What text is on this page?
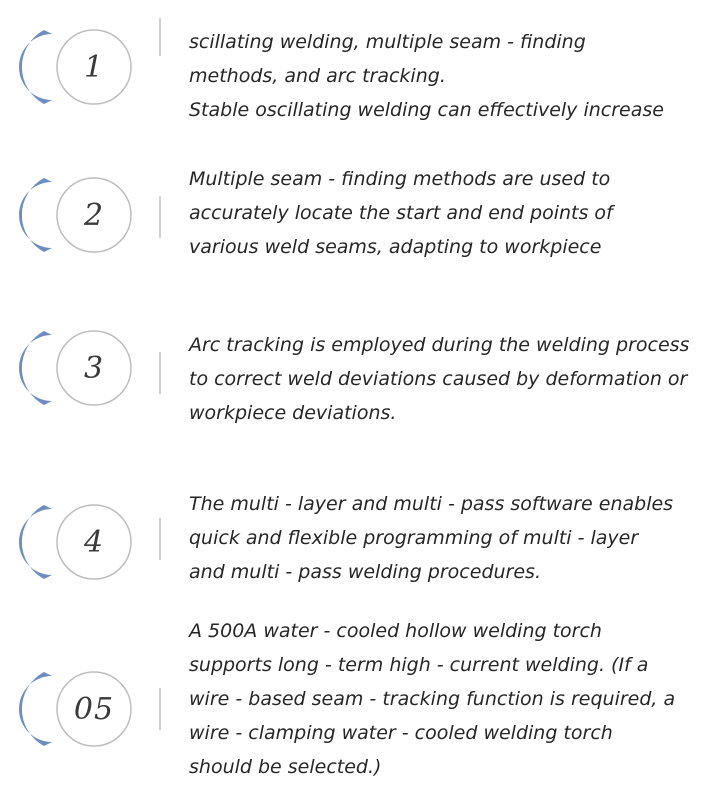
1
scillating welding, multiple seam - finding
methods, and arc tracking.
Stable oscillating welding can effectively increase
2
Multiple seam - finding methods are used to
accurately locate the start and end points of
various weld seams, adapting to workpiece
3
Arc tracking is employed during the welding process
to correct weld deviations caused by deformation or
workpiece deviations.
4
The multi - layer and multi - pass software enables
quick and flexible programming of multi - layer
and multi - pass welding procedures.
05
A 500A water - cooled hollow welding torch
supports long - term high - current welding. (If a
wire - based seam - tracking function is required, a
wire - clamping water - cooled welding torch
should be selected.)
